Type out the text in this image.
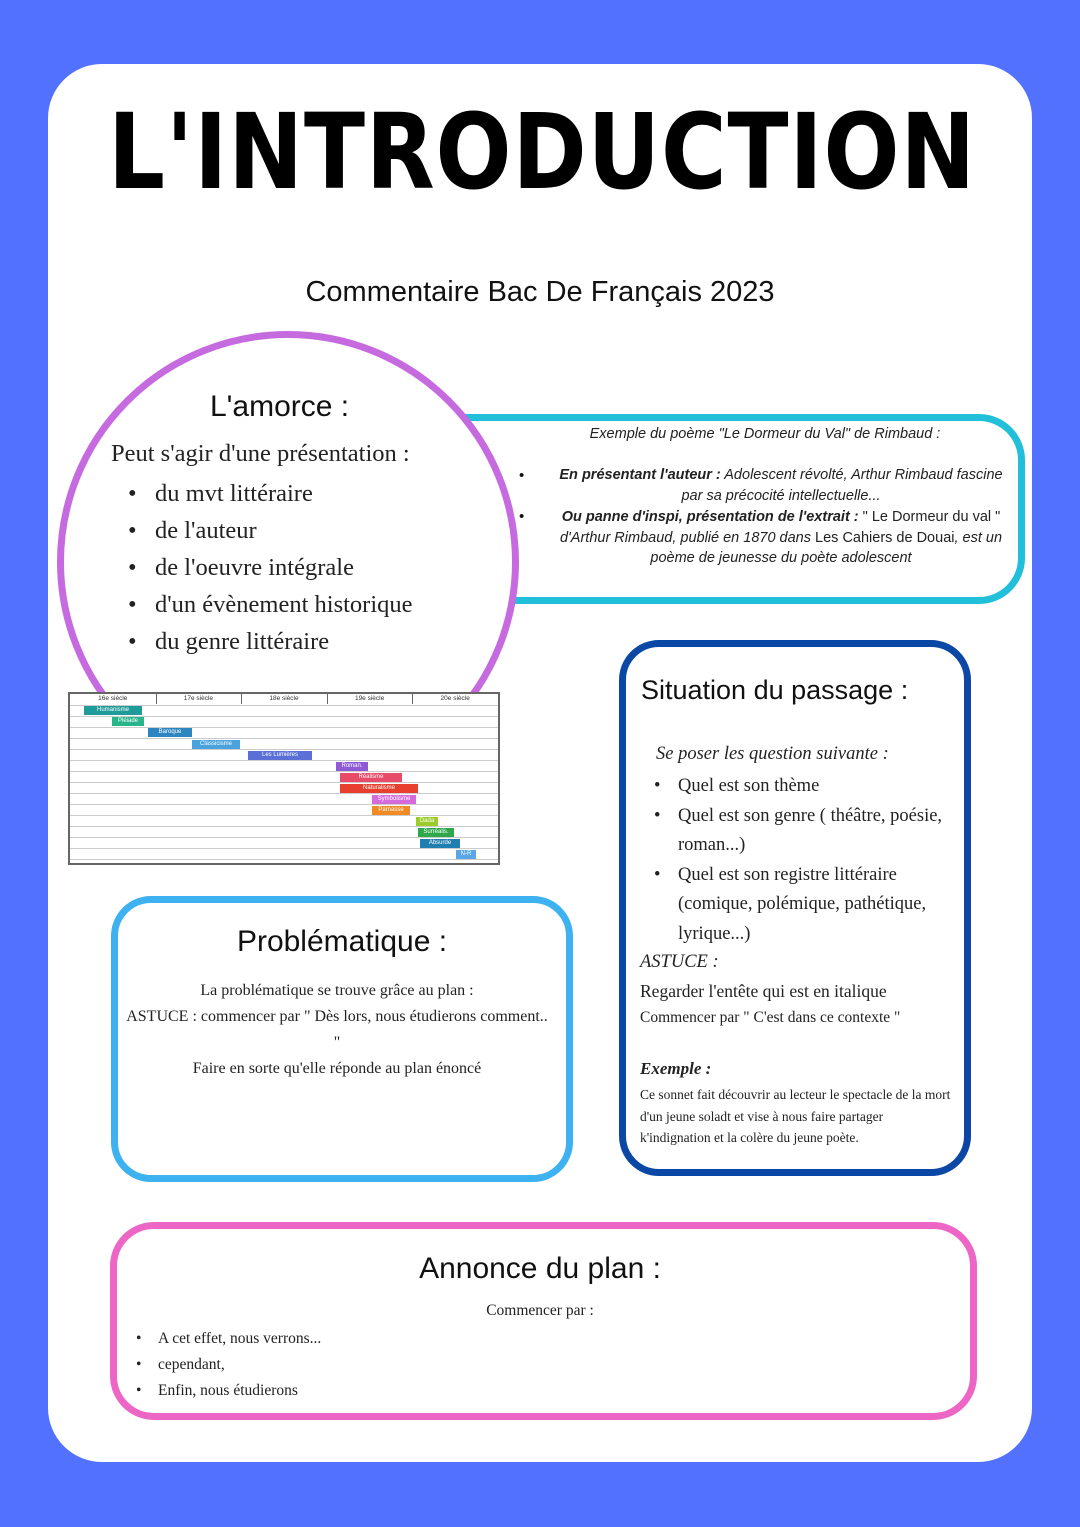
L'INTRODUCTION
Commentaire Bac De Français 2023
Exemple du poème "Le Dormeur du Val" de Rimbaud :
•	En présentant l'auteur : Adolescent révolté, Arthur Rimbaud fascine
par sa précocité intellectuelle...
•	Ou panne d'inspi, présentation de l'extrait : " Le Dormeur du val "
d'Arthur Rimbaud, publié en 1870 dans Les Cahiers de Douai, est un
poème de jeunesse du poète adolescent
L'amorce :
Peut s'agir d'une présentation :
• du mvt littéraire
• de l'auteur
• de l'oeuvre intégrale
• d'un évènement historique
• du genre littéraire
16e siècle	17e siècle	18e siècle	19e siècle	20e siècle
Humanisme
Pléiade
Baroque
Classicisme
Les Lumières
Roman.
Réalisme
Naturalisme
Symbolisme
Parnasse
Dada
Surréalis.
Absurde
N-R
Situation du passage :
Se poser les question suivante :
• Quel est son thème
• Quel est son genre ( théâtre, poésie, roman...)
• Quel est son registre littéraire (comique, polémique, pathétique, lyrique...)
ASTUCE :
Regarder l'entête qui est en italique
Commencer par " C'est dans ce contexte "
Exemple :
Ce sonnet fait découvrir au lecteur le spectacle de la mort d'un jeune soladt et vise à nous faire partager k'indignation et la colère du jeune poète.
Problématique :
La problématique se trouve grâce au plan :
ASTUCE : commencer par " Dès lors, nous étudierons comment.. "
Faire en sorte qu'elle réponde au plan énoncé
Annonce du plan :
Commencer par :
• A cet effet, nous verrons...
• cependant,
• Enfin, nous étudierons
